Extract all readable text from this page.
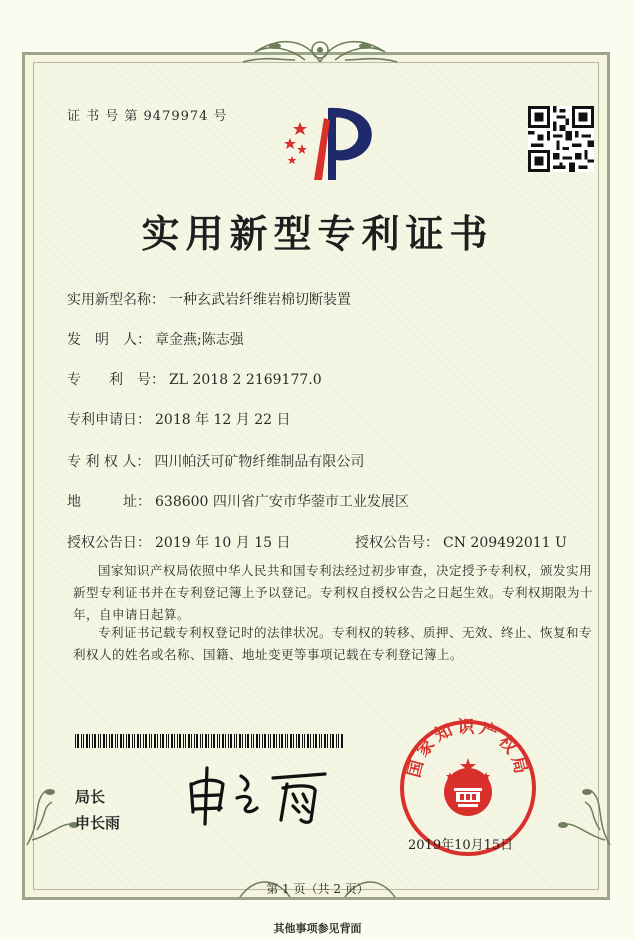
证 书 号 第 9479974 号
实用新型专利证书
实用新型名称： 一种玄武岩纤维岩棉切断装置
发　明　人： 章金燕;陈志强
专　　利　号： ZL 2018 2 2169177.0
专利申请日： 2018 年 12 月 22 日
专 利 权 人： 四川帕沃可矿物纤维制品有限公司
地　　　址： 638600 四川省广安市华蓥市工业发展区
授权公告日： 2019 年 10 月 15 日	授权公告号： CN 209492011 U
国家知识产权局依照中华人民共和国专利法经过初步审查，决定授予专利权，颁发实用新型专利证书并在专利登记簿上予以登记。专利权自授权公告之日起生效。专利权期限为十年，自申请日起算。
专利证书记载专利权登记时的法律状况。专利权的转移、质押、无效、终止、恢复和专利权人的姓名或名称、国籍、地址变更等事项记载在专利登记簿上。
局长
申长雨
国家知识产权局
2019年10月15日
第 1 页（共 2 页）
其他事项参见背面
